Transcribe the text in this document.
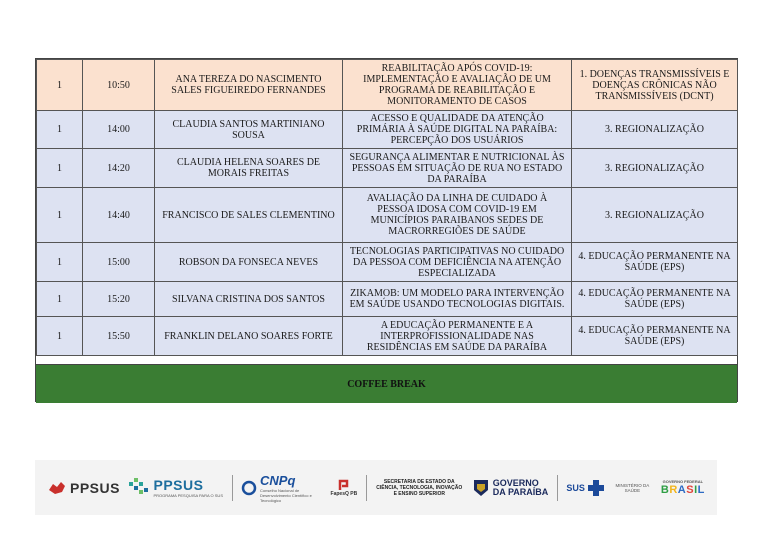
1	10:50	ANA TEREZA DO NASCIMENTO SALES FIGUEIREDO FERNANDES	REABILITAÇÃO APÓS COVID-19: IMPLEMENTAÇÃO E AVALIAÇÃO DE UM PROGRAMA DE REABILITAÇÃO E MONITORAMENTO DE CASOS	1. DOENÇAS TRANSMISSÍVEIS E DOENÇAS CRÔNICAS NÃO TRANSMISSÍVEIS (DCNT)
1	14:00	CLAUDIA SANTOS MARTINIANO SOUSA	ACESSO E QUALIDADE DA ATENÇÃO PRIMÁRIA À SAÚDE DIGITAL NA PARAÍBA: PERCEPÇÃO DOS USUÁRIOS	3. REGIONALIZAÇÃO
1	14:20	CLAUDIA HELENA SOARES DE MORAIS FREITAS	SEGURANÇA ALIMENTAR E NUTRICIONAL ÀS PESSOAS EM SITUAÇÃO DE RUA NO ESTADO DA PARAÍBA	3. REGIONALIZAÇÃO
1	14:40	FRANCISCO DE SALES CLEMENTINO	AVALIAÇÃO DA LINHA DE CUIDADO À PESSOA IDOSA COM COVID-19 EM MUNICÍPIOS PARAIBANOS SEDES DE MACRORREGIÕES DE SAÚDE	3. REGIONALIZAÇÃO
1	15:00	ROBSON DA FONSECA NEVES	TECNOLOGIAS PARTICIPATIVAS NO CUIDADO DA PESSOA COM DEFICIÊNCIA NA ATENÇÃO ESPECIALIZADA	4. EDUCAÇÃO PERMANENTE NA SAÚDE (EPS)
1	15:20	SILVANA CRISTINA DOS SANTOS	ZIKAMOB: UM MODELO PARA INTERVENÇÃO EM SAÚDE USANDO TECNOLOGIAS DIGITAIS.	4. EDUCAÇÃO PERMANENTE NA SAÚDE (EPS)
1	15:50	FRANKLIN DELANO SOARES FORTE	A EDUCAÇÃO PERMANENTE E A INTERPROFISSIONALIDADE NAS RESIDÊNCIAS EM SAÚDE DA PARAÍBA	4. EDUCAÇÃO PERMANENTE NA SAÚDE (EPS)
COFFEE BREAK
PPSUS PPSUS
PROGRAMA PESQUISA PARA O SUS
CNPq
Conselho Nacional de Desenvolvimento Científico e Tecnológico
FapesQ PB
SECRETARIA DE ESTADO DA CIÊNCIA, TECNOLOGIA, INOVAÇÃO E ENSINO SUPERIOR
GOVERNO
DA PARAÍBA SUS	MINISTÉRIO DA SAÚDE
GOVERNO FEDERAL
BRASIL
